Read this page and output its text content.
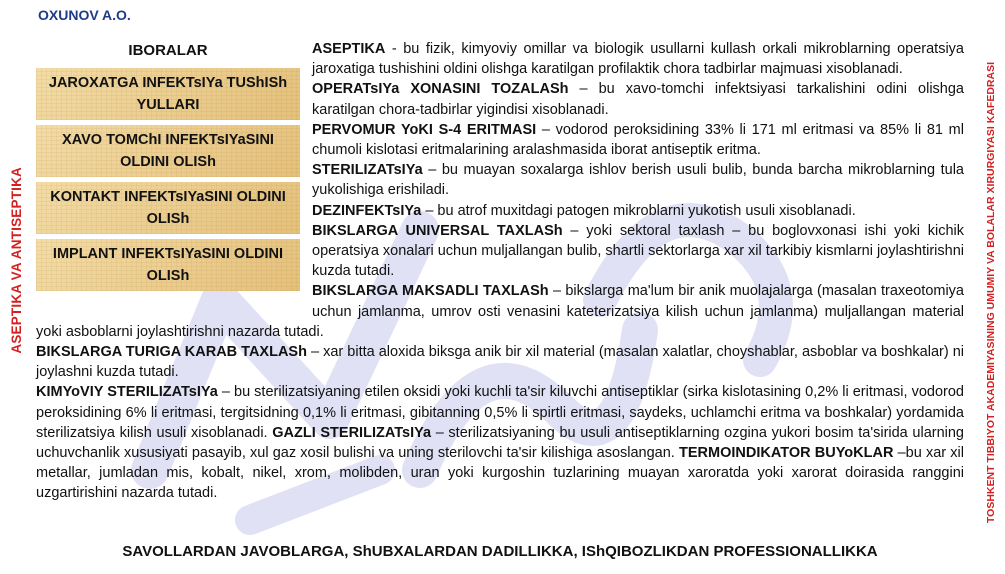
OXUNOV A.O.
ASEPTIKA VA ANTISEPTIKA	TOSHKENT TIBBIYOT AKADEMIYASINING UMUMIY VA BOLALAR XIRURGIYASI KAFEDRASI
IBORALAR
JAROXATGA INFEKTsIYa TUShISh YULLARI
XAVO TOMChI INFEKTsIYaSINI OLDINI OLISh
KONTAKT INFEKTsIYaSINI OLDINI OLISh
IMPLANT INFEKTsIYaSINI OLDINI OLISh

ASEPTIKA - bu fizik, kimyoviy omillar va biologik usullarni kullash orkali mikroblarning operatsiya jaroxatiga tushishini oldini olishga karatilgan profilaktik chora tadbirlar majmuasi xisoblanadi.

OPERATsIYa XONASINI TOZALASh – bu xavo-tomchi infektsiyasi tarkalishini odini olishga karatilgan chora-tadbirlar yigindisi xisoblanadi.

PERVOMUR YoKI S-4 ERITMASI – vodorod peroksidining 33% li 171 ml eritmasi va 85% li 81 ml chumoli kislotasi eritmalarining aralashmasida iborat antiseptik eritma.

STERILIZATsIYa – bu muayan soxalarga ishlov berish usuli bulib, bunda barcha mikroblarning tula yukolishiga erishiladi.

DEZINFEKTsIYa – bu atrof muxitdagi patogen mikroblarni yukotish usuli xisoblanadi.

BIKSLARGA UNIVERSAL TAXLASh – yoki sektoral taxlash – bu boglovxonasi ishi yoki kichik operatsiya xonalari uchun muljallangan bulib, shartli sektorlarga xar xil tarkibiy kismlarni joylashtirishni kuzda tutadi.

BIKSLARGA MAKSADLI TAXLASh – bikslarga ma'lum bir anik muolajalarga (masalan traxeotomiya uchun jamlanma, umrov osti venasini kateterizatsiya kilish uchun jamlanma) muljallangan material yoki asboblarni joylashtirishni nazarda tutadi.

BIKSLARGA TURIGA KARAB TAXLASh – xar bitta aloxida biksga anik bir xil material (masalan xalatlar, choyshablar, asboblar va boshkalar) ni joylashni kuzda tutadi.

KIMYoVIY STERILIZATsIYa – bu sterilizatsiyaning etilen oksidi yoki kuchli ta'sir kiluvchi antiseptiklar (sirka kislotasining 0,2% li eritmasi, vodorod peroksidining 6% li eritmasi, tergitsidning 0,1% li eritmasi, gibitanning 0,5% li spirtli eritmasi, saydeks, uchlamchi eritma va boshkalar) yordamida sterilizatsiya kilish usuli xisoblanadi. GAZLI STERILIZATsIYa – sterilizatsiyaning bu usuli antiseptiklarning ozgina yukori bosim ta'sirida ularning uchuvchanlik xususiyati pasayib, xul gaz xosil bulishi va uning sterilovchi ta'sir kilishiga asoslangan. TERMOINDIKATOR BUYoKLAR –bu xar xil metallar, jumladan mis, kobalt, nikel, xrom, molibden, uran yoki kurgoshin tuzlarining muayan xaroratda yoki xarorat doirasida ranggini uzgartirishini nazarda tutadi.

SAVOLLARDAN JAVOBLARGA, ShUBXALARDAN DADILLIKKA, IShQIBOZLIKDAN PROFESSIONALLIKKA
